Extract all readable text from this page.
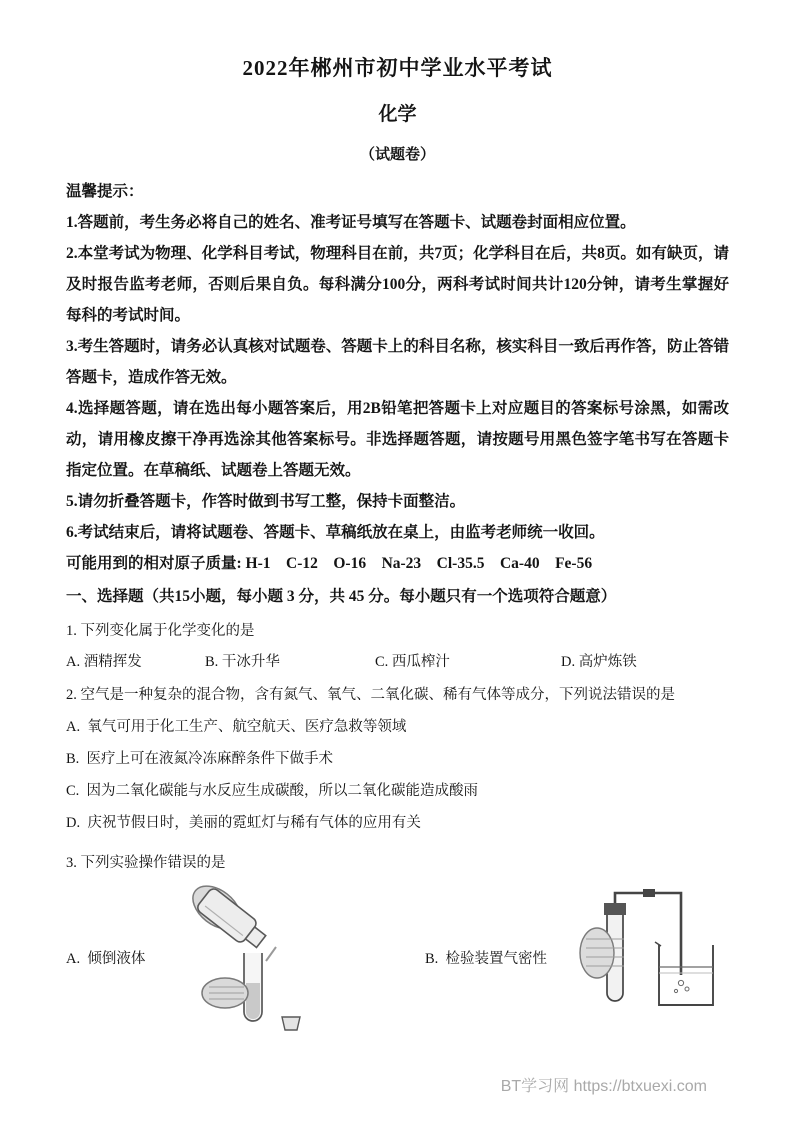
2022年郴州市初中学业水平考试
化学
（试题卷）

温馨提示：

1.答题前，考生务必将自己的姓名、准考证号填写在答题卡、试题卷封面相应位置。

2.本堂考试为物理、化学科目考试，物理科目在前，共7页；化学科目在后，共8页。如有缺页，请及时报告监考老师，否则后果自负。每科满分100分，两科考试时间共计120分钟，请考生掌握好每科的考试时间。

3.考生答题时，请务必认真核对试题卷、答题卡上的科目名称，核实科目一致后再作答，防止答错答题卡，造成作答无效。

4.选择题答题，请在选出每小题答案后，用2B铅笔把答题卡上对应题目的答案标号涂黑，如需改动，请用橡皮擦干净再选涂其他答案标号。非选择题答题，请按题号用黑色签字笔书写在答题卡指定位置。在草稿纸、试题卷上答题无效。

5.请勿折叠答题卡，作答时做到书写工整，保持卡面整洁。

6.考试结束后，请将试题卷、答题卡、草稿纸放在桌上，由监考老师统一收回。

可能用到的相对原子质量: H-1    C-12    O-16    Na-23    Cl-35.5    Ca-40    Fe-56

一、选择题（共15小题，每小题 3 分，共 45 分。每小题只有一个选项符合题意）

1. 下列变化属于化学变化的是

A. 酒精挥发	B. 干冰升华	C. 西瓜榨汁	D. 高炉炼铁

2. 空气是一种复杂的混合物，含有氮气、氧气、二氧化碳、稀有气体等成分，下列说法错误的是

A.  氧气可用于化工生产、航空航天、医疗急救等领域

B.  医疗上可在液氮冷冻麻醉条件下做手术

C.  因为二氧化碳能与水反应生成碳酸，所以二氧化碳能造成酸雨

D.  庆祝节假日时，美丽的霓虹灯与稀有气体的应用有关

3. 下列实验操作错误的是

A.  倾倒液体	B.  检验装置气密性
BT学习网 https://btxuexi.com
